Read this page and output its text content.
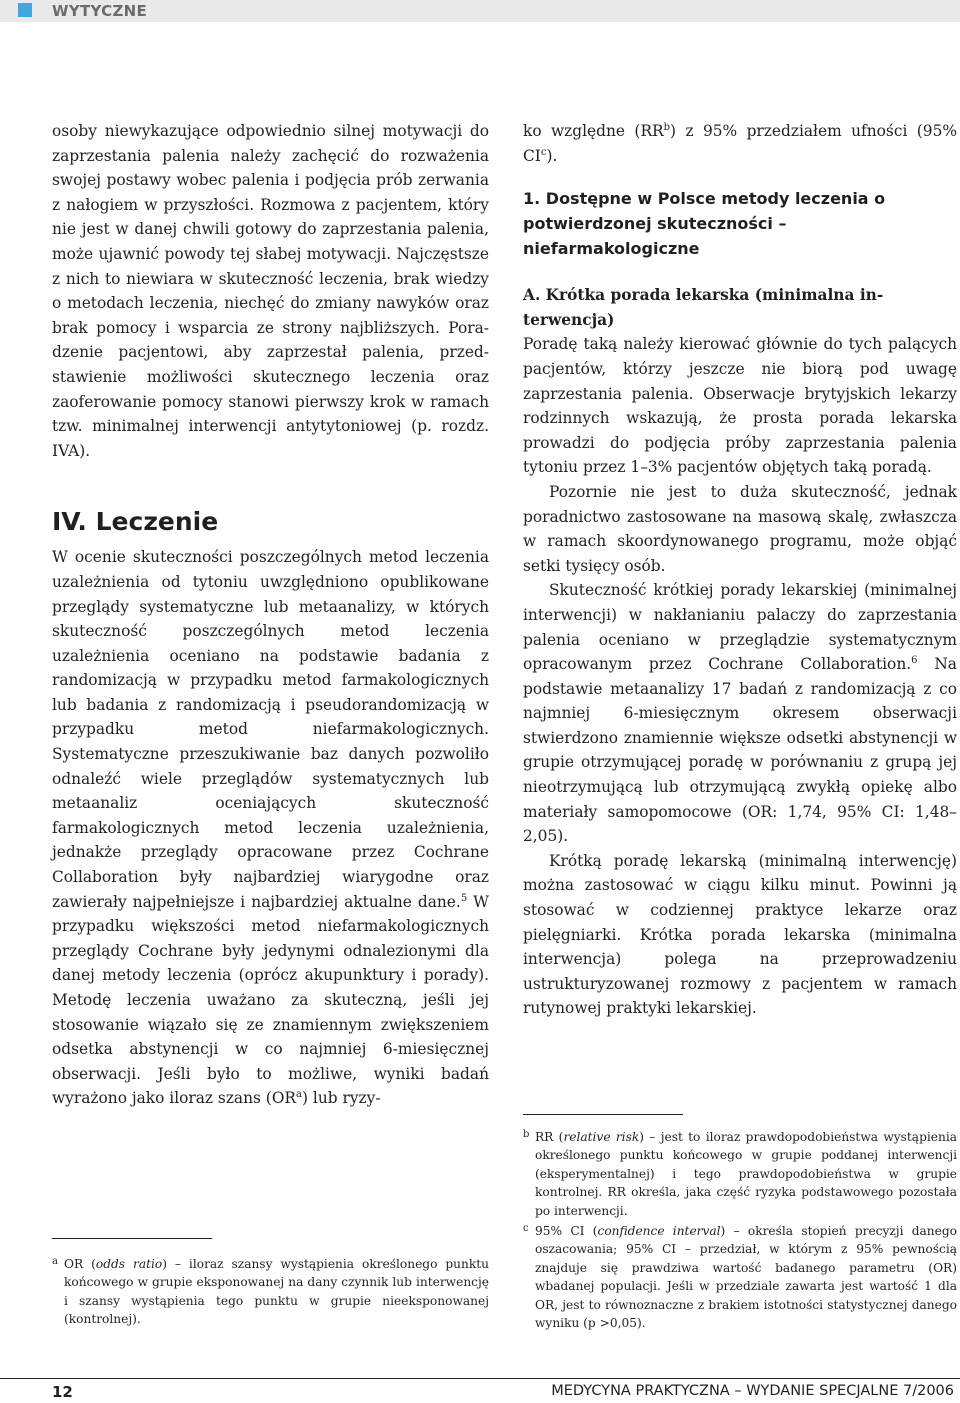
WYTYCZNE

osoby niewykazujące odpowiednio silnej motywacji do zaprzestania palenia należy zachęcić do rozważenia swojej postawy wobec palenia i podjęcia prób zerwania z nałogiem w przyszłości. Rozmowa z pacjentem, który nie jest w danej chwili gotowy do zaprzestania palenia, może ujawnić powody tej słabej motywacji. Najczęstsze z nich to niewiara w skuteczność leczenia, brak wiedzy o metodach leczenia, niechęć do zmiany nawyków oraz brak pomocy i wsparcia ze strony najbliższych. Poradzenie pacjentowi, aby zaprzestał palenia, przedstawienie możliwości skutecznego leczenia oraz zaoferowanie pomocy stanowi pierwszy krok w ramach tzw. minimalnej interwencji antytytoniowej (p. rozdz. IVA).

IV. Leczenie

W ocenie skuteczności poszczególnych metod leczenia uzależnienia od tytoniu uwzględniono opublikowane przeglądy systematyczne lub metaanalizy, w których skuteczność poszczególnych metod leczenia uzależnienia oceniano na podstawie badania z randomizacją w przypadku metod farmakologicznych lub badania z randomizacją i pseudorandomizacją w przypadku metod niefarmakologicznych. Systematyczne przeszukiwanie baz danych pozwoliło odnaleźć wiele przeglądów systematycznych lub metaanaliz oceniających skuteczność farmakologicznych metod leczenia uzależnienia, jednakże przeglądy opracowane przez Cochrane Collaboration były najbardziej wiarygodne oraz zawierały najpełniejsze i najbardziej aktualne dane.$^5$ W przypadku większości metod niefarmakologicznych przeglądy Cochrane były jedynymi odnalezionymi dla danej metody leczenia (oprócz akupunktury i porady). Metodę leczenia uważano za skuteczną, jeśli jej stosowanie wiązało się ze znamiennym zwiększeniem odsetka abstynencji w co najmniej 6-miesięcznej obserwacji. Jeśli było to możliwe, wyniki badań wyrażono jako iloraz szans $(OR^a)$ lub ryzy-

a OR (odds ratio) – iloraz szansy wystąpienia określonego punktu końcowego w grupie eksponowanej na dany czynnik lub interwencję i szansy wystąpienia tego punktu w grupie nieeksponowanej (kontrolnej).

ko względne $(RR^b)$ z 95% przedziałem ufności (95% $CI^c$).

1. Dostępne w Polsce metody leczenia o potwierdzonej skuteczności – niefarmakologiczne
A. Krótka porada lekarska (minimalna interwencja)

Poradę taką należy kierować głównie do tych palących pacjentów, którzy jeszcze nie biorą pod uwagę zaprzestania palenia. Obserwacje brytyjskich lekarzy rodzinnych wskazują, że prosta porada lekarska prowadzi do podjęcia próby zaprzestania palenia tytoniu przez 1–3% pacjentów objętych taką poradą.

Pozornie nie jest to duża skuteczność, jednak poradnictwo zastosowane na masową skalę, zwłaszcza w ramach skoordynowanego programu, może objąć setki tysięcy osób.

Skuteczność krótkiej porady lekarskiej (minimalnej interwencji) w nakłanianiu palaczy do zaprzestania palenia oceniano w przeglądzie systematycznym opracowanym przez Cochrane Collaboration.$^6$ Na podstawie metaanalizy 17 badań z randomizacją z co najmniej 6-miesięcznym okresem obserwacji stwierdzono znamiennie większe odsetki abstynencji w grupie otrzymującej poradę w porównaniu z grupą jej nieotrzymującą lub otrzymującą zwykłą opiekę albo materiały samopomocowe (OR: 1,74, 95% CI: 1,48–2,05).

Krótką poradę lekarską (minimalną interwencję) można zastosować w ciągu kilku minut. Powinni ją stosować w codziennej praktyce lekarze oraz pielęgniarki. Krótka porada lekarska (minimalna interwencja) polega na przeprowadzeniu ustrukturyzowanej rozmowy z pacjentem w ramach rutynowej praktyki lekarskiej.

b RR (relative risk) – jest to iloraz prawdopodobieństwa wystąpienia określonego punktu końcowego w grupie poddanej interwencji (eksperymentalnej) i tego prawdopodobieństwa w grupie kontrolnej. RR określa, jaka część ryzyka podstawowego pozostała po interwencji.
c 95% CI (confidence interval) – określa stopień precyzji danego oszacowania; 95% CI – przedział, w którym z 95% pewnością znajduje się prawdziwa wartość badanego parametru (OR) wbadanej populacji. Jeśli w przedziale zawarta jest wartość 1 dla OR, jest to równoznaczne z brakiem istotności statystycznej danego wyniku (p >0,05).
12	MEDYCYNA PRAKTYCZNA – WYDANIE SPECJALNE 7/2006
